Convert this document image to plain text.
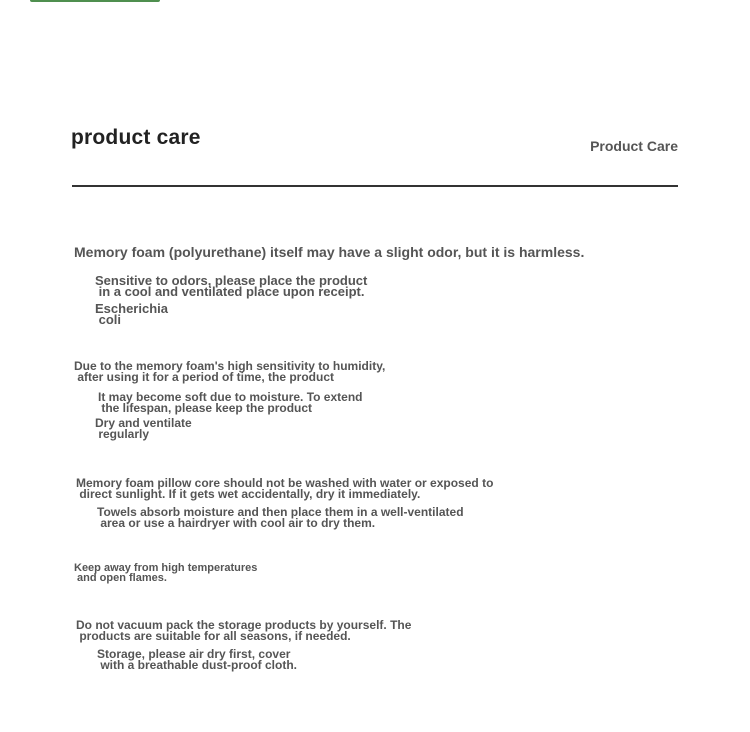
product care	Product Care
Memory foam (polyurethane) itself may have a slight odor, but it is harmless.
Sensitive to odors, please place the product
in a cool and ventilated place upon receipt.
Escherichia
coli
Due to the memory foam's high sensitivity to humidity,
after using it for a period of time, the product
It may become soft due to moisture. To extend
the lifespan, please keep the product
Dry and ventilate
regularly
Memory foam pillow core should not be washed with water or exposed to
direct sunlight. If it gets wet accidentally, dry it immediately.
Towels absorb moisture and then place them in a well-ventilated
area or use a hairdryer with cool air to dry them.
Keep away from high temperatures
and open flames.
Do not vacuum pack the storage products by yourself. The
products are suitable for all seasons, if needed.
Storage, please air dry first, cover
with a breathable dust-proof cloth.
